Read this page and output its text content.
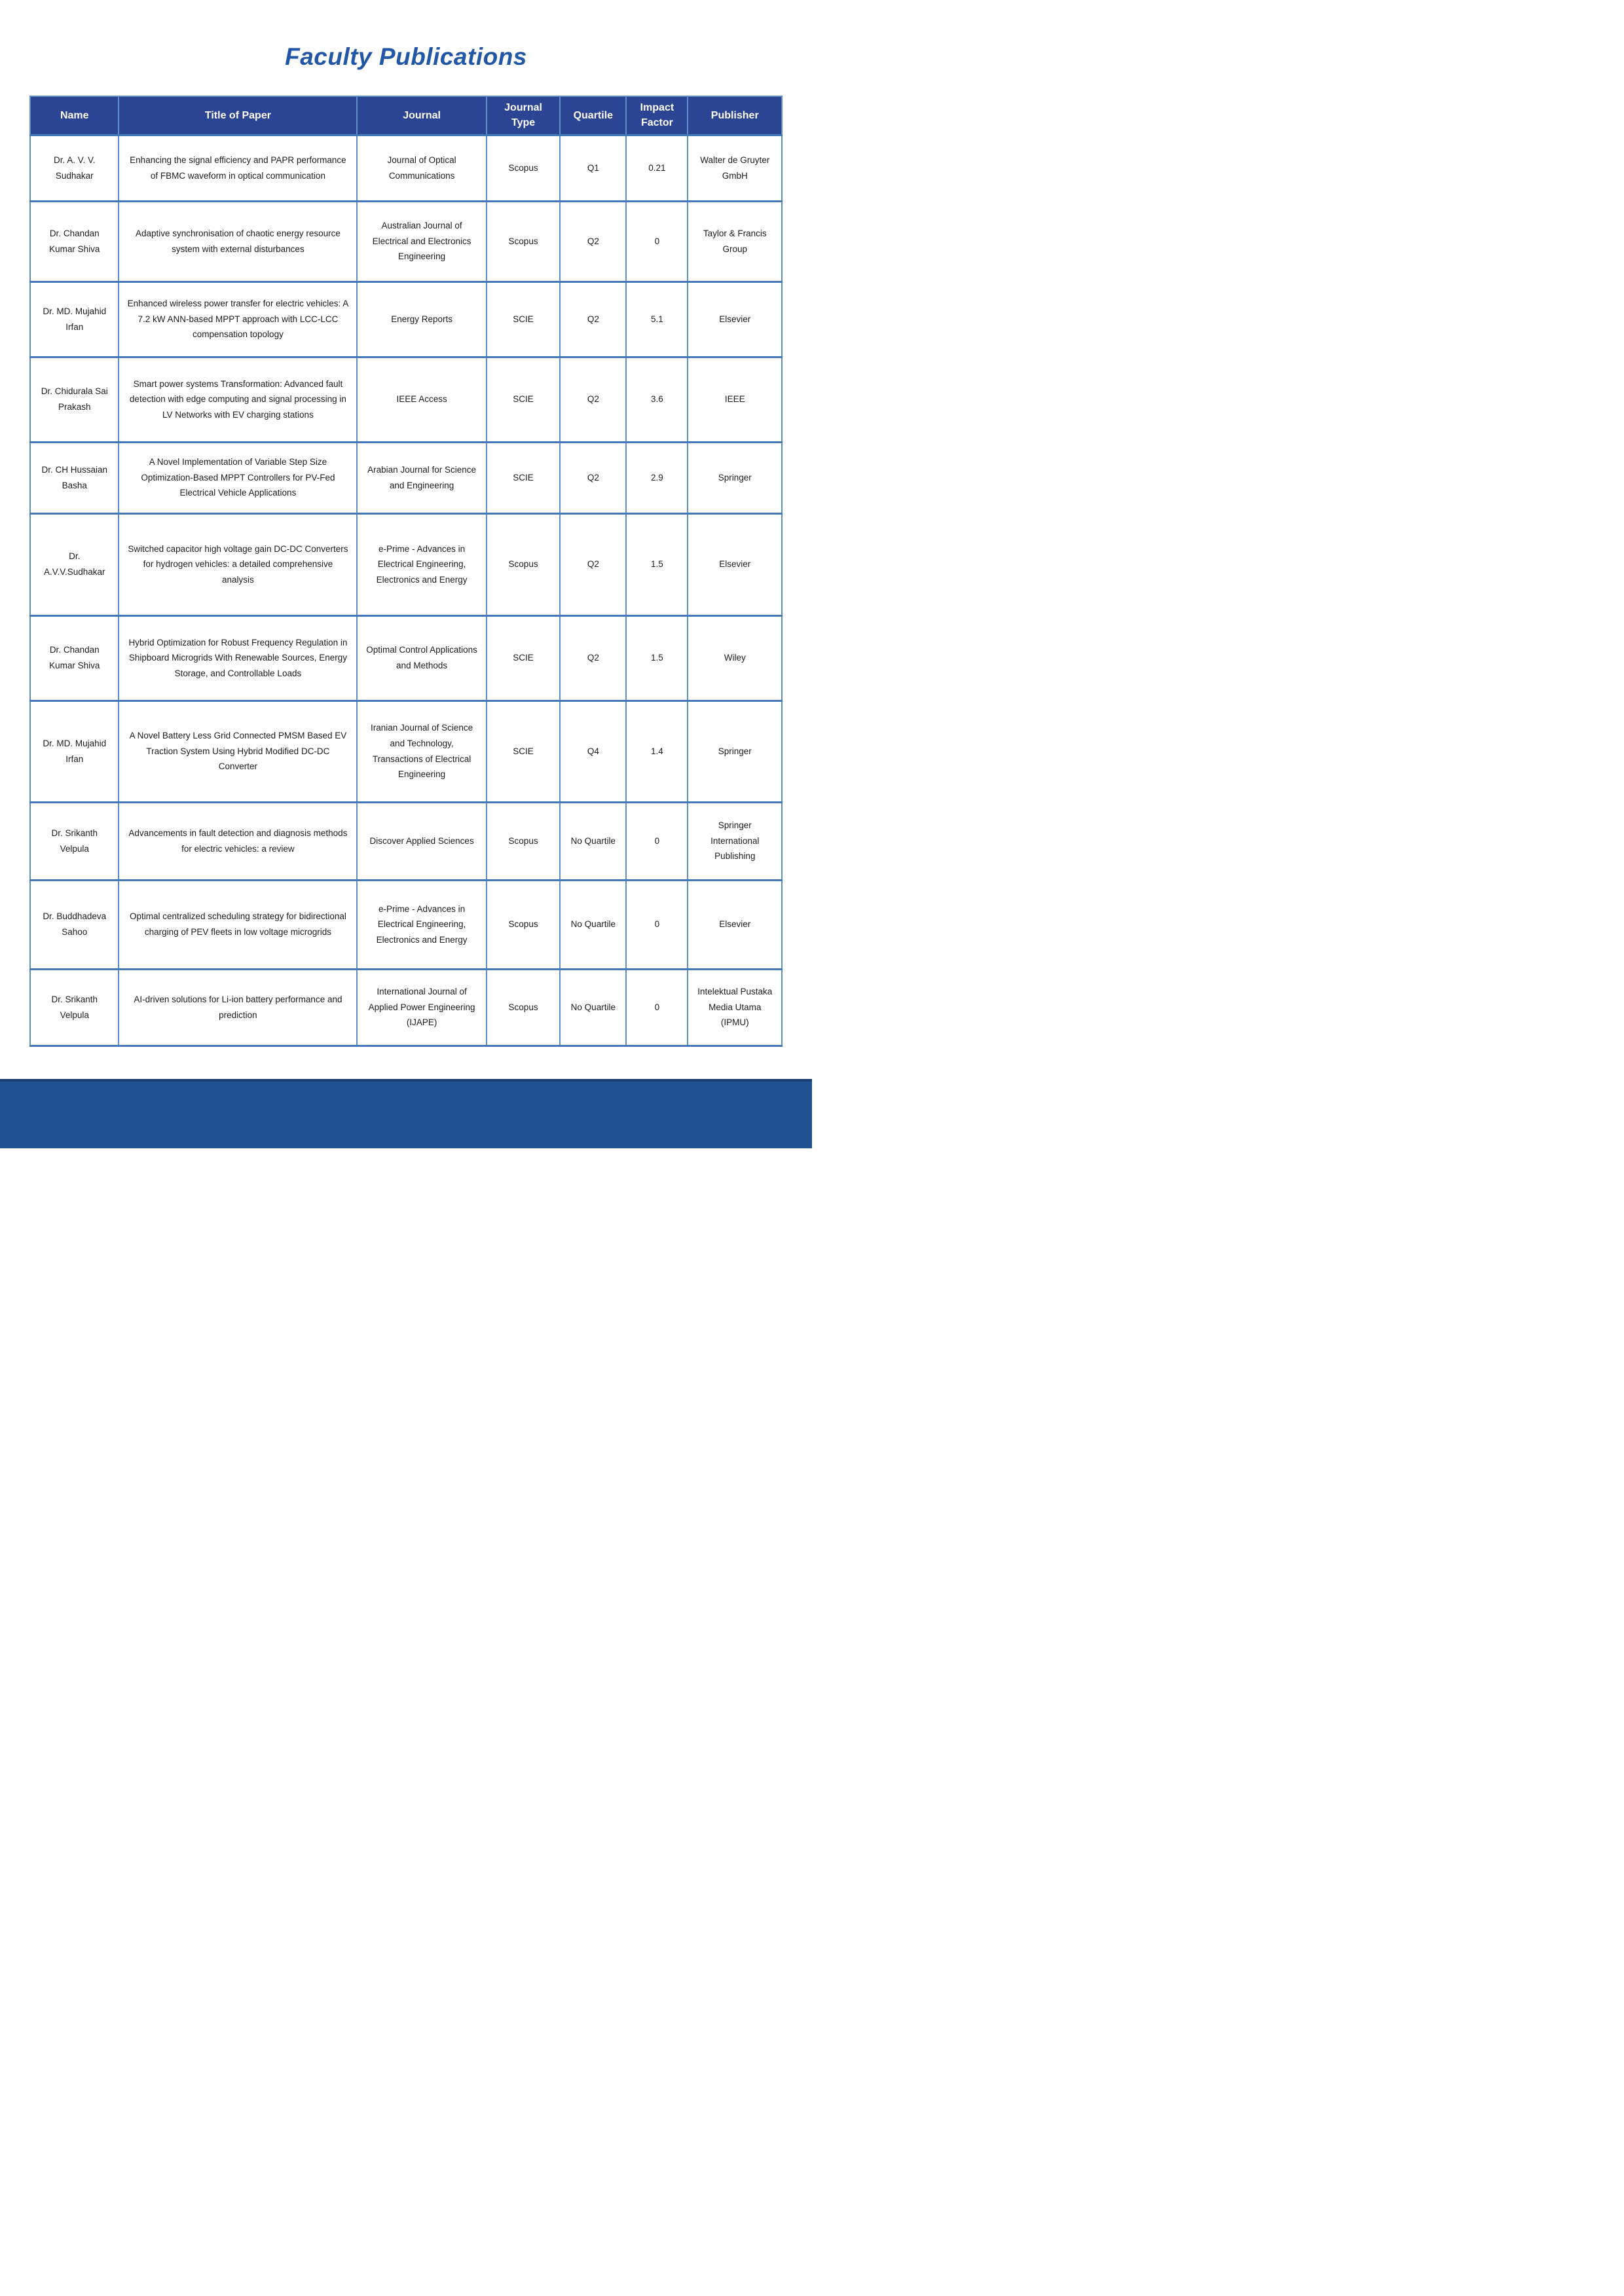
Faculty Publications
Name	Title of Paper	Journal	Journal Type	Quartile	Impact Factor	Publisher
Dr. A. V. V. Sudhakar	Enhancing the signal efficiency and PAPR performance of FBMC waveform in optical communication	Journal of Optical Communications	Scopus	Q1	0.21	Walter de Gruyter GmbH
Dr. Chandan Kumar Shiva	Adaptive synchronisation of chaotic energy resource system with external disturbances	Australian Journal of Electrical and Electronics Engineering	Scopus	Q2	0	Taylor & Francis Group
Dr. MD. Mujahid Irfan	Enhanced wireless power transfer for electric vehicles: A 7.2 kW ANN-based MPPT approach with LCC-LCC compensation topology	Energy Reports	SCIE	Q2	5.1	Elsevier
Dr. Chidurala Sai Prakash	Smart power systems Transformation: Advanced fault detection with edge computing and signal processing in LV Networks with EV charging stations	IEEE Access	SCIE	Q2	3.6	IEEE
Dr. CH Hussaian Basha	A Novel Implementation of Variable Step Size Optimization-Based MPPT Controllers for PV-Fed Electrical Vehicle Applications	Arabian Journal for Science and Engineering	SCIE	Q2	2.9	Springer
Dr. A.V.V.Sudhakar	Switched capacitor high voltage gain DC-DC Converters for hydrogen vehicles: a detailed comprehensive analysis	e-Prime - Advances in Electrical Engineering, Electronics and Energy	Scopus	Q2	1.5	Elsevier
Dr. Chandan Kumar Shiva	Hybrid Optimization for Robust Frequency Regulation in Shipboard Microgrids With Renewable Sources, Energy Storage, and Controllable Loads	Optimal Control Applications and Methods	SCIE	Q2	1.5	Wiley
Dr. MD. Mujahid Irfan	A Novel Battery Less Grid Connected PMSM Based EV Traction System Using Hybrid Modified DC-DC Converter	Iranian Journal of Science and Technology, Transactions of Electrical Engineering	SCIE	Q4	1.4	Springer
Dr. Srikanth Velpula	Advancements in fault detection and diagnosis methods for electric vehicles: a review	Discover Applied Sciences	Scopus	No Quartile	0	Springer International Publishing
Dr. Buddhadeva Sahoo	Optimal centralized scheduling strategy for bidirectional charging of PEV fleets in low voltage microgrids	e-Prime - Advances in Electrical Engineering, Electronics and Energy	Scopus	No Quartile	0	Elsevier
Dr. Srikanth Velpula	AI-driven solutions for Li-ion battery performance and prediction	International Journal of Applied Power Engineering (IJAPE)	Scopus	No Quartile	0	Intelektual Pustaka Media Utama (IPMU)
